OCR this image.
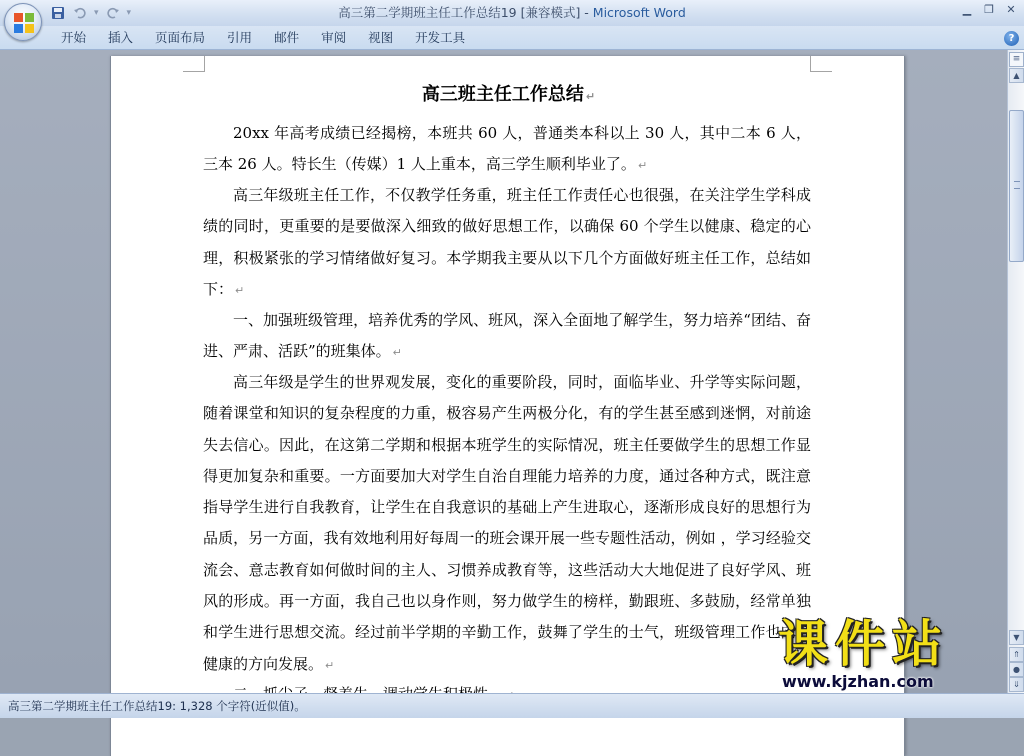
▾	▾	高三第二学期班主任工作总结19 [兼容模式] - Microsoft Word	▁ ❐ ✕
开始	插入	页面布局	引用	邮件	审阅	视图	开发工具	?
高三班主任工作总结 ↵
20xx 年高考成绩已经揭榜，本班共 60 人，普通类本科以上 30 人，其中二本 6 人，三本 26 人。特长生（传媒）1 人上重本，高三学生顺利毕业了。 ↵
高三年级班主任工作，不仅教学任务重，班主任工作责任心也很强，在关注学生学科成绩的同时，更重要的是要做深入细致的做好思想工作，以确保 60 个学生以健康、稳定的心理，积极紧张的学习情绪做好复习。本学期我主要从以下几个方面做好班主任工作，总结如下： ↵
一、加强班级管理，培养优秀的学风、班风，深入全面地了解学生，努力培养“团结、奋进、严肃、活跃”的班集体。 ↵
高三年级是学生的世界观发展，变化的重要阶段，同时，面临毕业、升学等实际问题，随着课堂和知识的复杂程度的力重，极容易产生两极分化，有的学生甚至感到迷惘，对前途失去信心。因此，在这第二学期和根据本班学生的实际情况，班主任要做学生的思想工作显得更加复杂和重要。一方面要加大对学生自治自理能力培养的力度，通过各种方式，既注意指导学生进行自我教育，让学生在自我意识的基础上产生进取心，逐渐形成良好的思想行为品质，另一方面，我有效地利用好每周一的班会课开展一些专题性活动，例如 ，学习经验交流会、意志教育如何做时间的主人、习惯养成教育等，这些活动大大地促进了良好学风、班风的形成。再一方面，我自己也以身作则，努力做学生的榜样，勤跟班、多鼓励，经常单独和学生进行思想交流。经过前半学期的辛勤工作，鼓舞了学生的士气，班级管理工作也向着健康的方向发展。 ↵
≡
▲
▼
⇑
●
⇓
课件站
www.kjzhan.com
高三第二学期班主任工作总结19: 1,328 个字符(近似值)。
